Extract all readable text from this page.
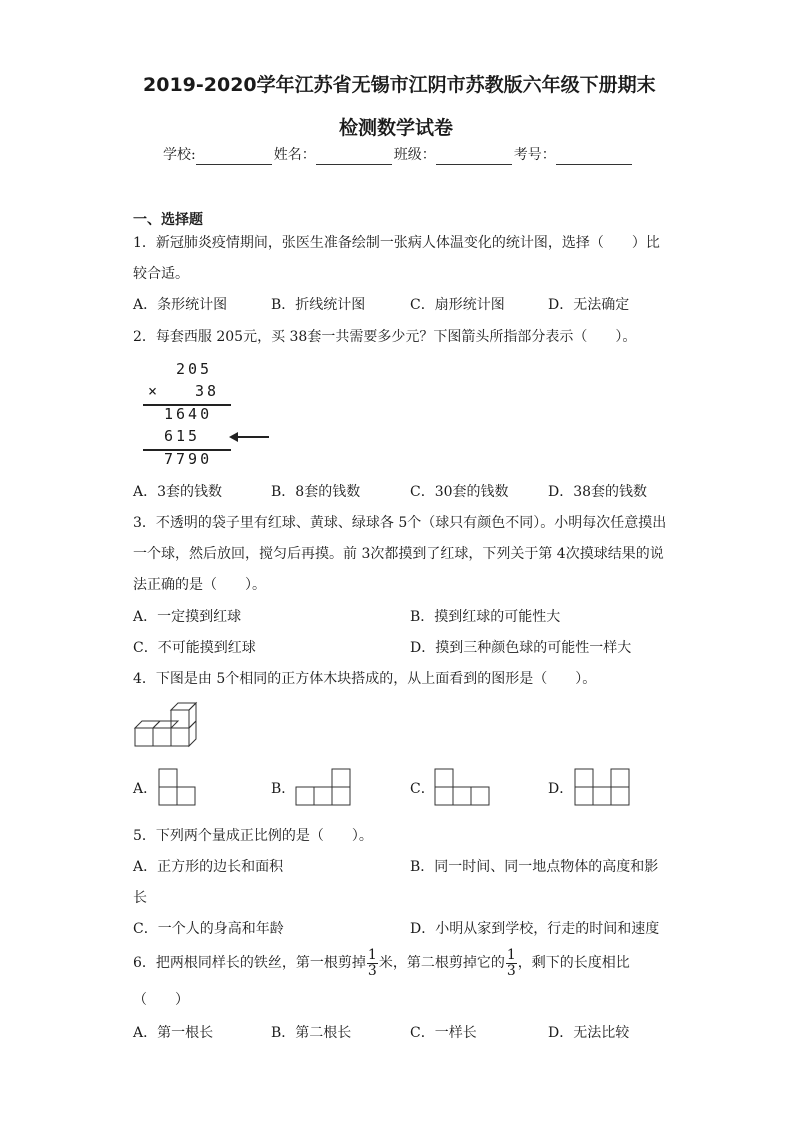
2019-2020学年江苏省无锡市江阴市苏教版六年级下册期末
检测数学试卷
学校:	姓名：	班级：	考号：
一、选择题
1．新冠肺炎疫情期间，张医生准备绘制一张病人体温变化的统计图，选择（　　）比
较合适。
A．条形统计图	B．折线统计图	C．扇形统计图	D．无法确定
2．每套西服 205元，买 38套一共需要多少元？下图箭头所指部分表示（　　）。
205
× 38
1640
615
7790
A．3套的钱数	B．8套的钱数	C．30套的钱数	D．38套的钱数
3．不透明的袋子里有红球、黄球、绿球各 5个（球只有颜色不同）。小明每次任意摸出
一个球，然后放回，搅匀后再摸。前 3次都摸到了红球，下列关于第 4次摸球结果的说
法正确的是（　　）。
A．一定摸到红球	B．摸到红球的可能性大
C．不可能摸到红球	D．摸到三种颜色球的可能性一样大
4．下图是由 5个相同的正方体木块搭成的，从上面看到的图形是（　　）。
A．	B．	C．	D．
5．下列两个量成正比例的是（　　）。
A．正方形的边长和面积	B．同一时间、同一地点物体的高度和影
长
C．一个人的身高和年龄	D．小明从家到学校，行走的时间和速度
6．把两根同样长的铁丝，第一根剪掉 $\frac{1}{3}$ 米，第二根剪掉它的 $\frac{1}{3}$ ，剩下的长度相比
（　　）
A．第一根长	B．第二根长	C．一样长	D．无法比较
